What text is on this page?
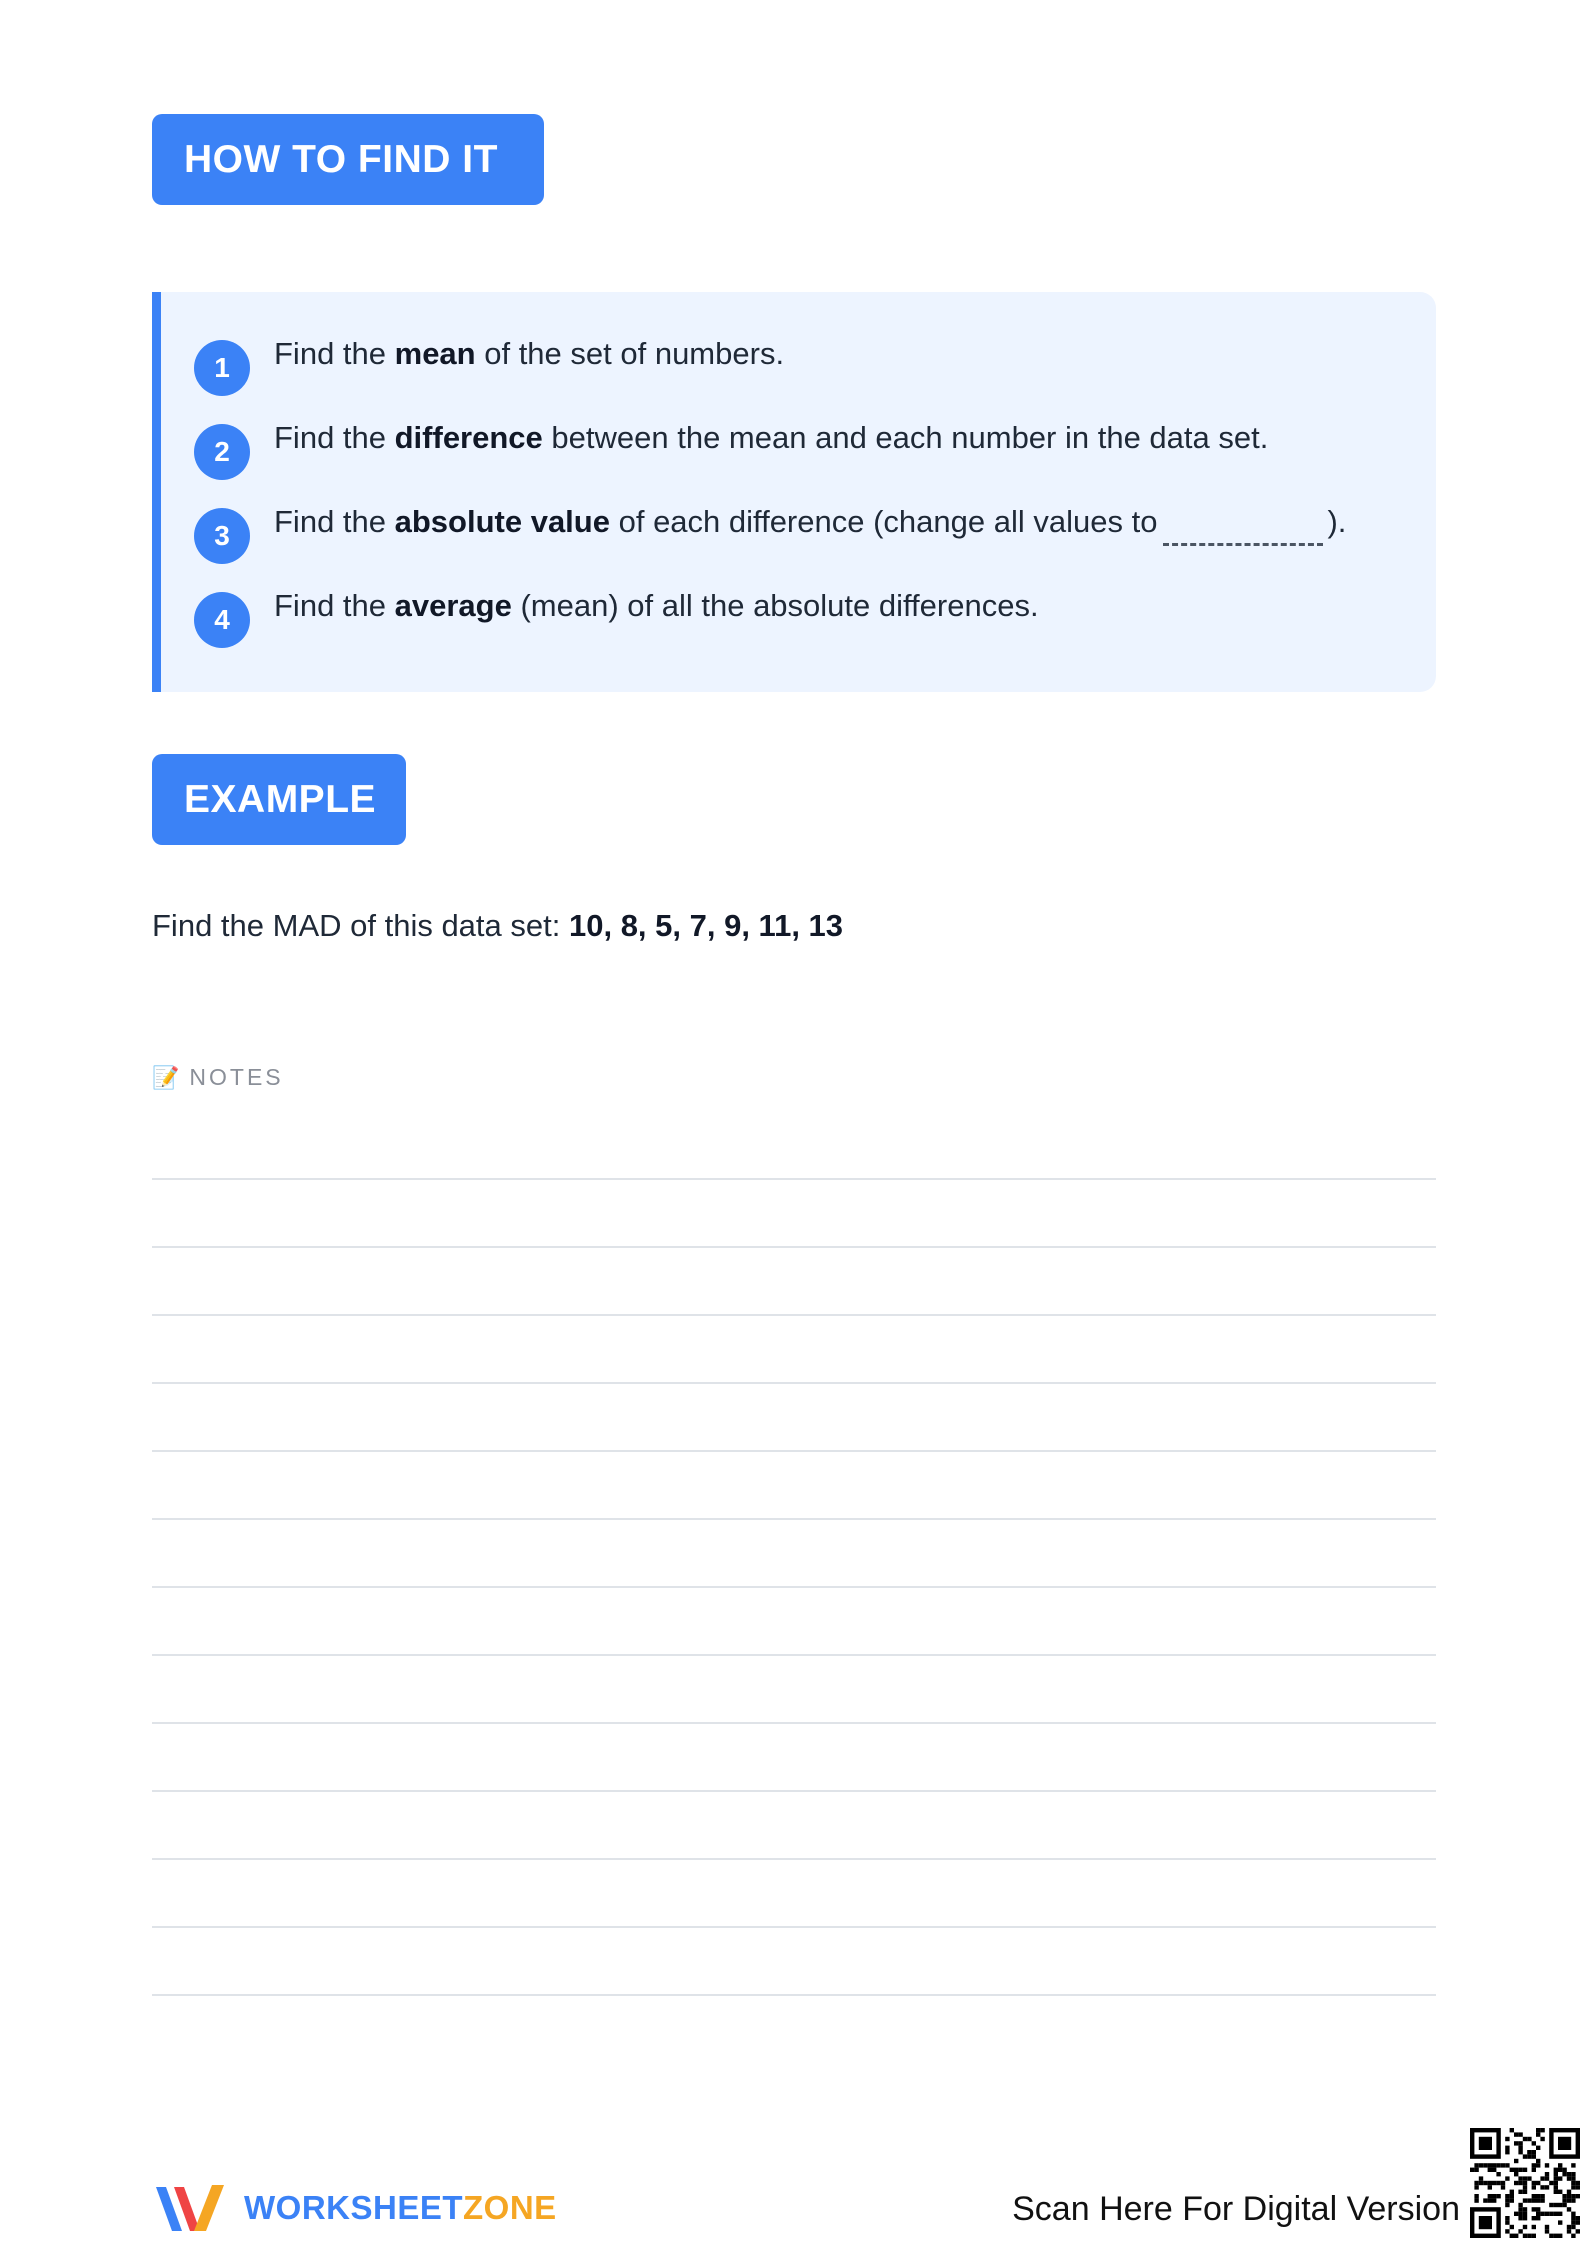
HOW TO FIND IT
1	Find the mean of the set of numbers.
2	Find the difference between the mean and each number in the data set.
3	Find the absolute value of each difference (change all values to	).
4	Find the average (mean) of all the absolute differences.
EXAMPLE
Find the MAD of this data set: 10, 8, 5, 7, 9, 11, 13
📝 NOTES
WORKSHEETZONE	Scan Here For Digital Version
